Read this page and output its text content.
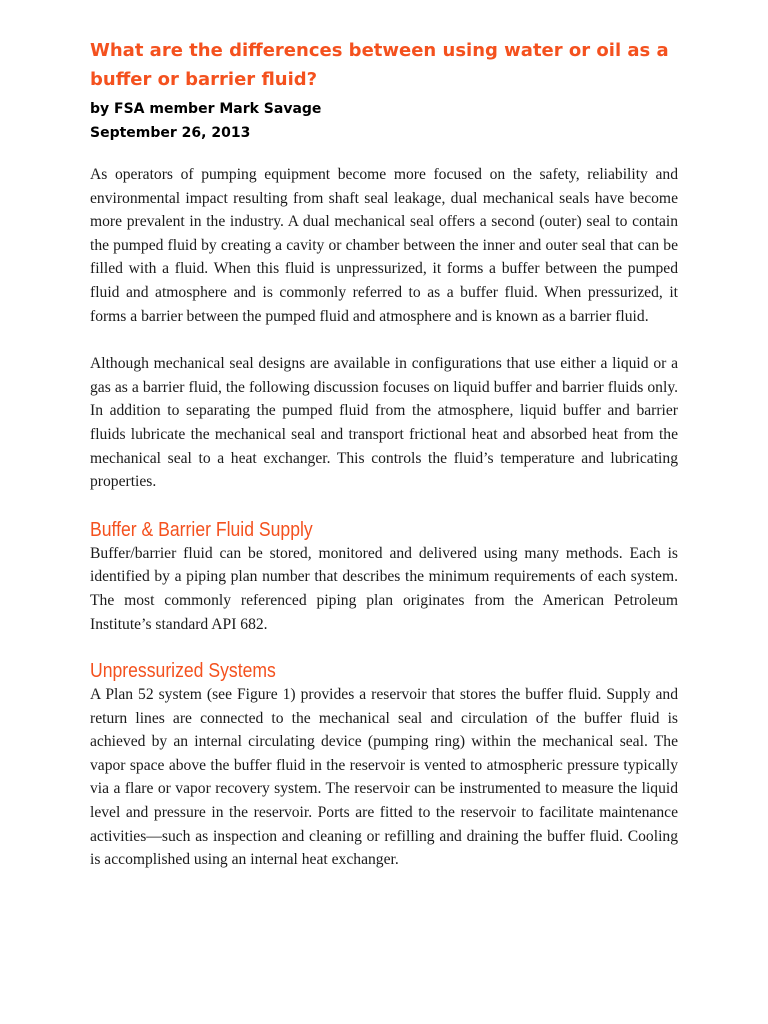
What are the differences between using water or oil as a buffer or barrier fluid?
by FSA member Mark Savage
September 26, 2013

As operators of pumping equipment become more focused on the safety, reliability and environmental impact resulting from shaft seal leakage, dual mechanical seals have become more prevalent in the industry. A dual mechanical seal offers a second (outer) seal to contain the pumped fluid by creating a cavity or chamber between the inner and outer seal that can be filled with a fluid. When this fluid is unpressurized, it forms a buffer between the pumped fluid and atmosphere and is commonly referred to as a buffer fluid. When pressurized, it forms a barrier between the pumped fluid and atmosphere and is known as a barrier fluid.

Although mechanical seal designs are available in configurations that use either a liquid or a gas as a barrier fluid, the following discussion focuses on liquid buffer and barrier fluids only. In addition to separating the pumped fluid from the atmosphere, liquid buffer and barrier fluids lubricate the mechanical seal and transport frictional heat and absorbed heat from the mechanical seal to a heat exchanger. This controls the fluid’s temperature and lubricating properties.

Buffer & Barrier Fluid Supply

Buffer/barrier fluid can be stored, monitored and delivered using many methods. Each is identified by a piping plan number that describes the minimum requirements of each system. The most commonly referenced piping plan originates from the American Petroleum Institute’s standard API 682.

Unpressurized Systems

A Plan 52 system (see Figure 1) provides a reservoir that stores the buffer fluid. Supply and return lines are connected to the mechanical seal and circulation of the buffer fluid is achieved by an internal circulating device (pumping ring) within the mechanical seal. The vapor space above the buffer fluid in the reservoir is vented to atmospheric pressure typically via a flare or vapor recovery system. The reservoir can be instrumented to measure the liquid level and pressure in the reservoir. Ports are fitted to the reservoir to facilitate maintenance activities—such as inspection and cleaning or refilling and draining the buffer fluid. Cooling is accomplished using an internal heat exchanger.
